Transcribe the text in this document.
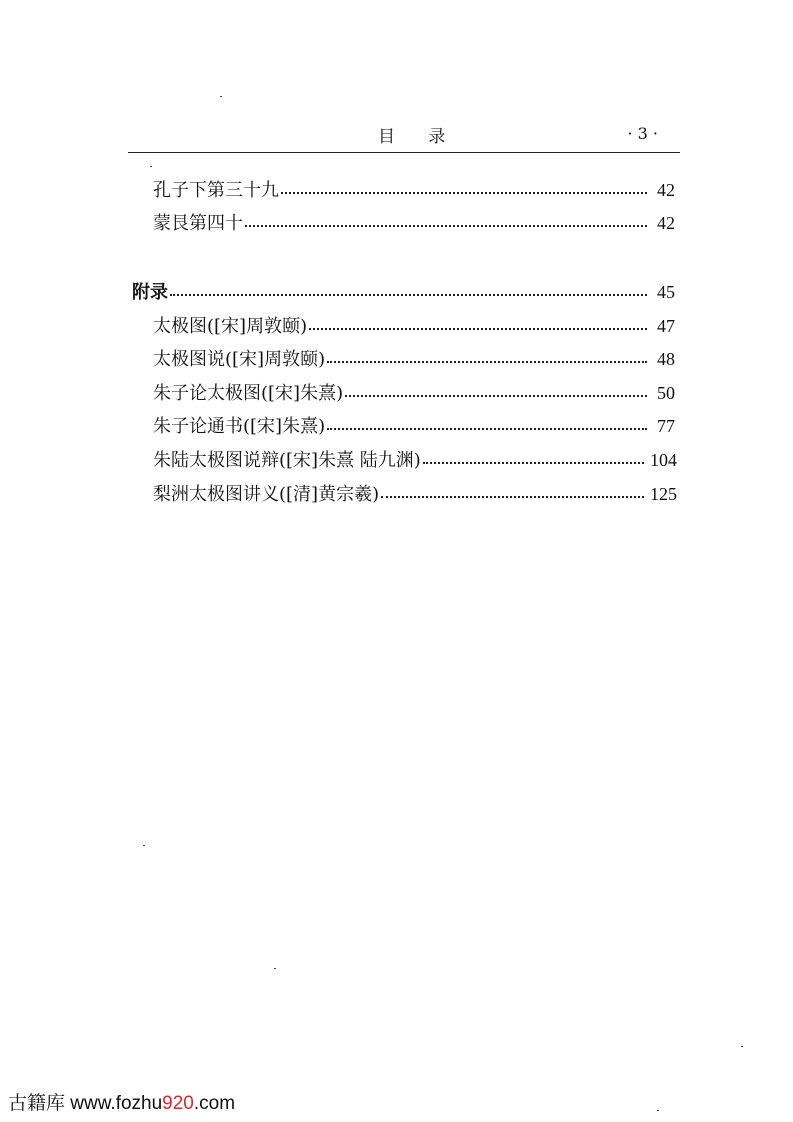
目 录	· 3 ·
孔子下第三十九	42
蒙艮第四十	42
附录	45
太极图([宋]周敦颐)	47
太极图说([宋]周敦颐)	48
朱子论太极图([宋]朱熹)	50
朱子论通书([宋]朱熹)	77
朱陆太极图说辩([宋]朱熹 陆九渊)	104
梨洲太极图讲义([清]黄宗羲)	125
古籍库 www.fozhu920.com
